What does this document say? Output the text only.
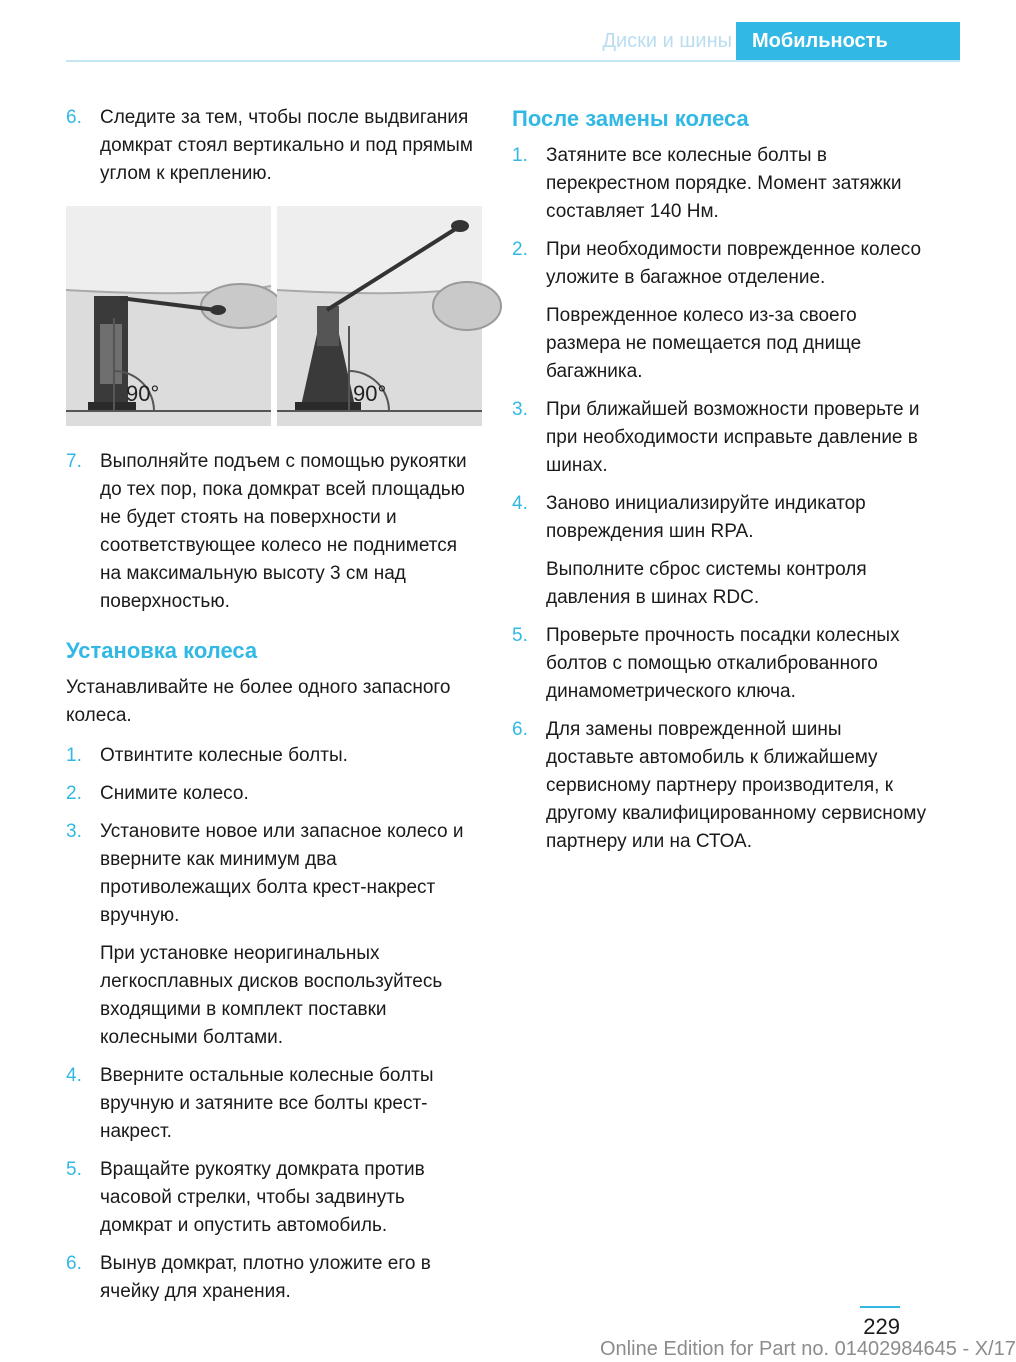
Диски и шины	Мобильность
6. Следите за тем, чтобы после выдвигания домкрат стоял вертикально и под прямым углом к креплению.
90°	90°
7. Выполняйте подъем с помощью рукоятки до тех пор, пока домкрат всей площадью не будет стоять на поверхности и соответствующее колесо не поднимется на максимальную высоту 3 см над поверхностью.
Установка колеса
Устанавливайте не более одного запасного колеса.
1. Отвинтите колесные болты.
2. Снимите колесо.
3. Установите новое или запасное колесо и вверните как минимум два противолежащих болта крест-накрест вручную.
При установке неоригинальных легкосплавных дисков воспользуйтесь входящими в комплект поставки колесными болтами.
4. Вверните остальные колесные болты вручную и затяните все болты крест-накрест.
5. Вращайте рукоятку домкрата против часовой стрелки, чтобы задвинуть домкрат и опустить автомобиль.
6. Вынув домкрат, плотно уложите его в ячейку для хранения.
После замены колеса
1. Затяните все колесные болты в перекрестном порядке. Момент затяжки составляет 140 Нм.
2. При необходимости поврежденное колесо уложите в багажное отделение.
Поврежденное колесо из-за своего размера не помещается под днище багажника.
3. При ближайшей возможности проверьте и при необходимости исправьте давление в шинах.
4. Заново инициализируйте индикатор повреждения шин RPA.
Выполните сброс системы контроля давления в шинах RDC.
5. Проверьте прочность посадки колесных болтов с помощью откалиброванного динамометрического ключа.
6. Для замены поврежденной шины доставьте автомобиль к ближайшему сервисному партнеру производителя, к другому квалифицированному сервисному партнеру или на СТОА.
229
Online Edition for Part no. 01402984645 - X/17
